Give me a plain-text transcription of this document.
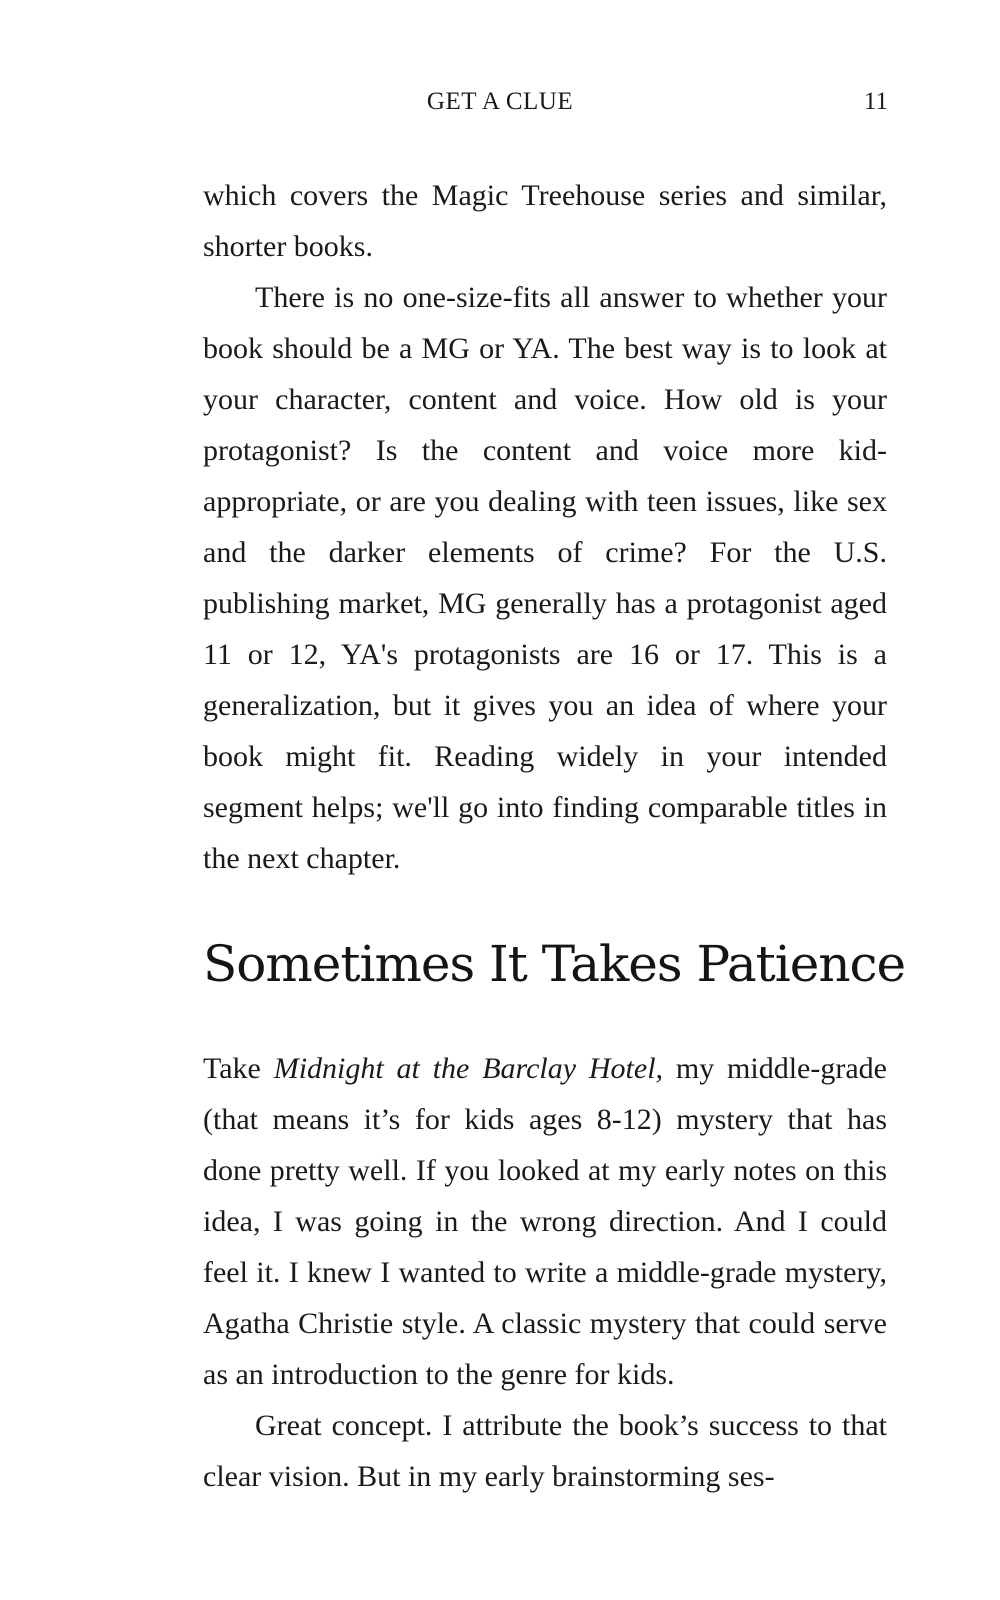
GET A CLUE	11

which covers the Magic Treehouse series and similar, shorter books.

There is no one-size-fits all answer to whether your book should be a MG or YA. The best way is to look at your character, content and voice. How old is your protagonist? Is the content and voice more kid-appropriate, or are you dealing with teen issues, like sex and the darker elements of crime? For the U.S. publishing market, MG generally has a protagonist aged 11 or 12, YA's protagonists are 16 or 17. This is a generalization, but it gives you an idea of where your book might fit. Reading widely in your intended segment helps; we'll go into finding comparable titles in the next chapter.

Sometimes It Takes Patience

Take Midnight at the Barclay Hotel, my middle-grade (that means it’s for kids ages 8-12) mystery that has done pretty well. If you looked at my early notes on this idea, I was going in the wrong direction. And I could feel it. I knew I wanted to write a middle-grade mystery, Agatha Christie style. A classic mystery that could serve as an introduction to the genre for kids.

Great concept. I attribute the book’s success to that clear vision. But in my early brainstorming ses-
